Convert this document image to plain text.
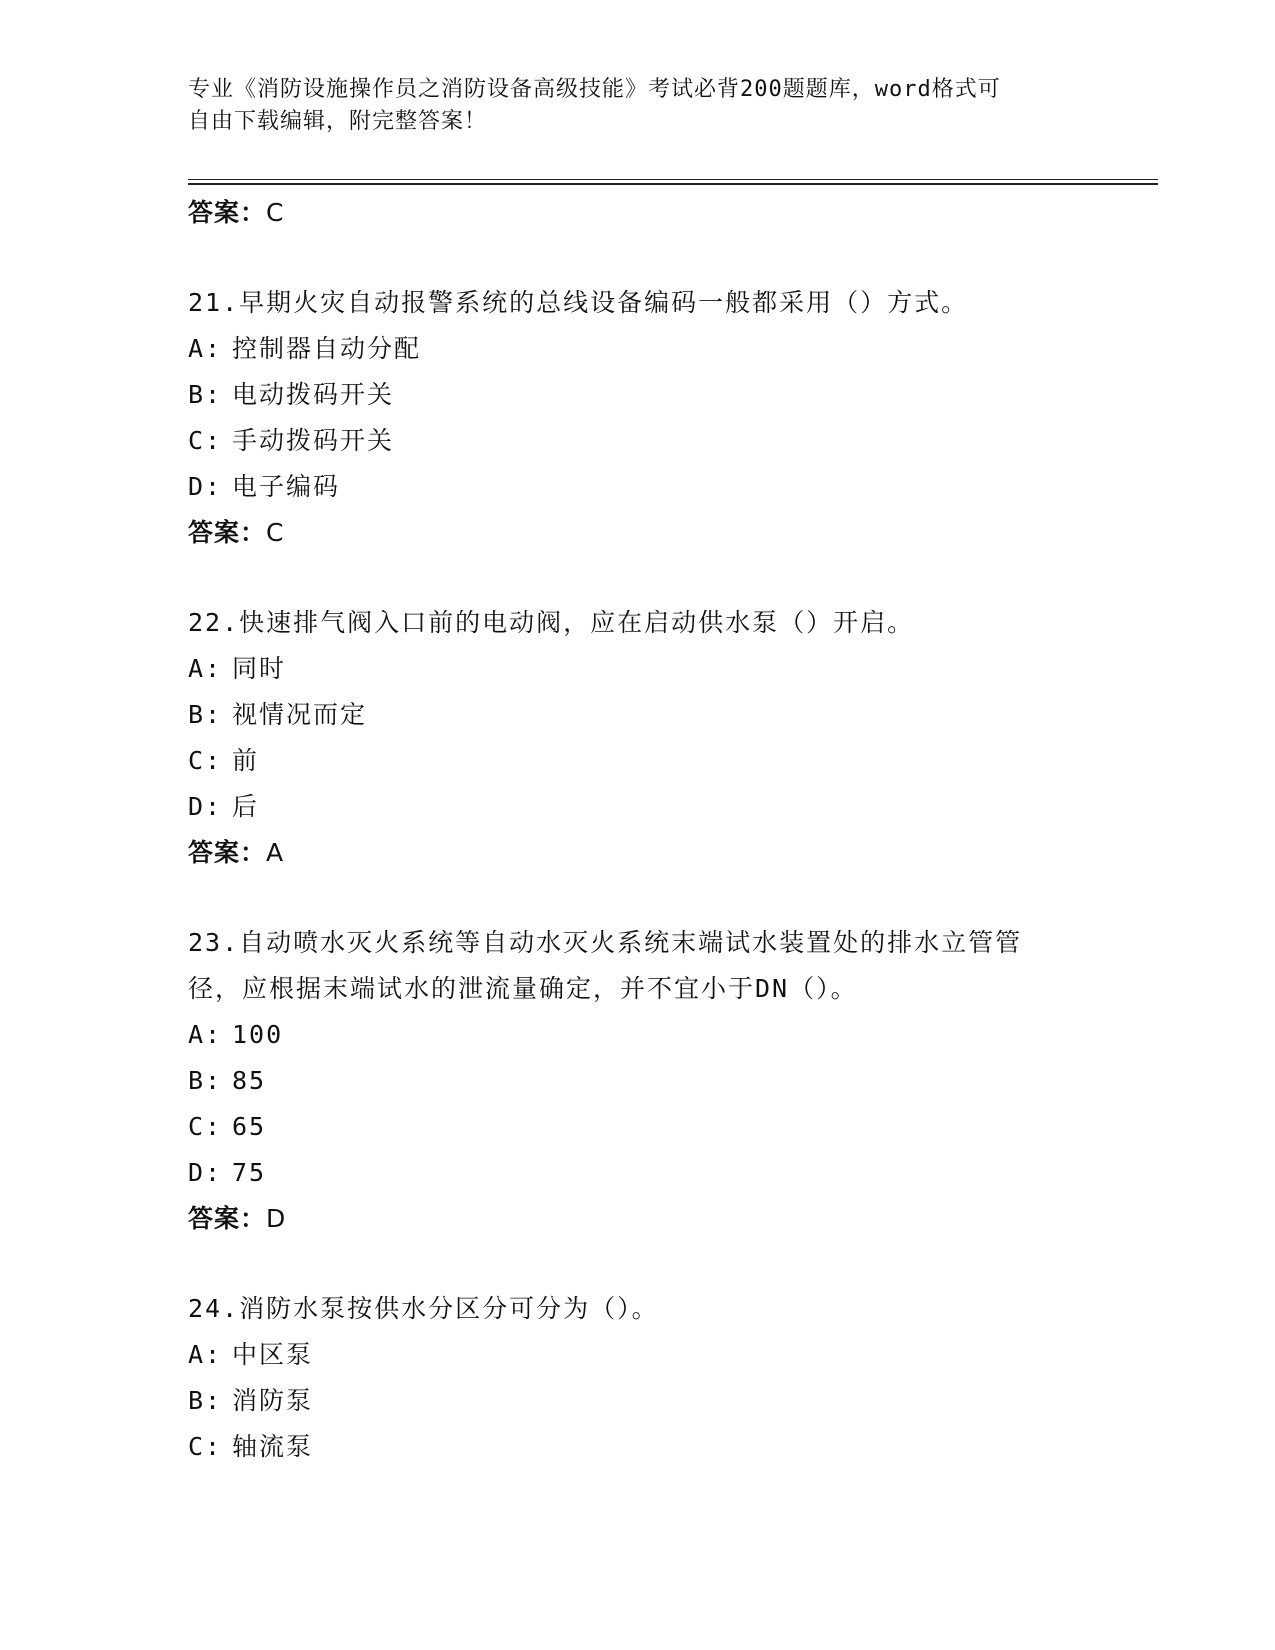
专业《消防设施操作员之消防设备高级技能》考试必背200题题库，word格式可
自由下载编辑，附完整答案！
答案：C
21.早期火灾自动报警系统的总线设备编码一般都采用（）方式。
A: 控制器自动分配
B: 电动拨码开关
C: 手动拨码开关
D: 电子编码
答案：C
22.快速排气阀入口前的电动阀，应在启动供水泵（）开启。
A: 同时
B: 视情况而定
C: 前
D: 后
答案：A
23.自动喷水灭火系统等自动水灭火系统末端试水装置处的排水立管管
径，应根据末端试水的泄流量确定，并不宜小于DN（）。
A: 100
B: 85
C: 65
D: 75
答案：D
24.消防水泵按供水分区分可分为（）。
A: 中区泵
B: 消防泵
C: 轴流泵
